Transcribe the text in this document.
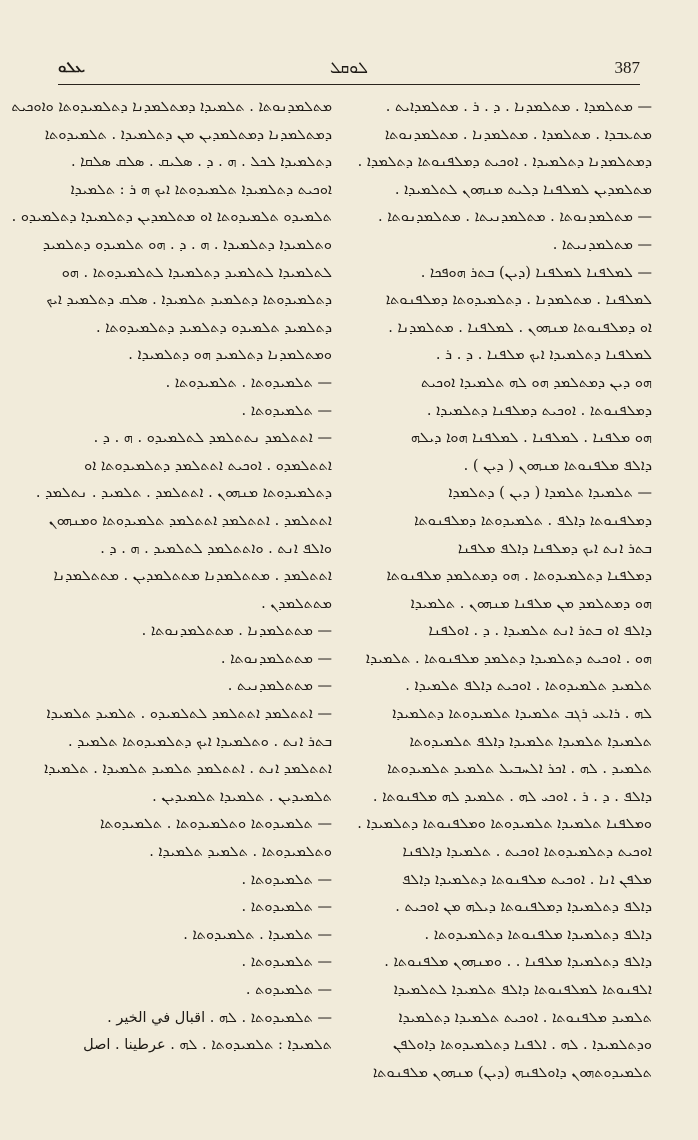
ܥܠܘ	ܠܘܩܠ	387
— ܡܬܠܡܕܐ . ܡܬܠܡܕܢܐ . ܕ . ܪ . ܡܬܠܡܕܐܝܬ .
ܡܬܥܒܕܐ . ܡܬܠܡܕܐ . ܡܬܠܡܕܢܐ . ܡܬܠܡܕܢܘܬܐ
ܕܡܬܠܡܕܢܐ ܕܬܠܡܝܕܐ . ܐܘܟܝܬ ܕܡܠܦܢܘܬܐ ܕܬܠܡܕܐ .
ܡܬܠܡܕܝܢ ܠܡܠܦܢܐ ܕܠܝܬ ܡܢܗܘܢ ܠܬܠܡܝܕܐ .
— ܡܬܠܡܕܢܘܬܐ . ܡܬܠܡܕܢܝܬܐ . ܡܬܠܡܕܢܘܬܐ .
— ܡܬܠܡܕܢܝܬܐ .
— ܠܡܠܦܢܐ ܠܡܠܦܢܐ (ܕܝܢ) ܒܬܪ ܗܘܦܟܐ .
ܠܡܠܦܢܐ . ܡܬܠܡܕܢܐ . ܕܬܠܡܝܕܘܬܐ ܕܡܠܦܢܘܬܐ
ܐܘ ܕܡܠܦܢܘܬܐ ܡܢܗܘܢ . ܠܡܠܦܢܐ . ܡܬܠܡܕܢܐ .
ܠܡܠܦܢܐ ܕܬܠܡܝܕܐ ܐܝܟ ܡܠܦܢܐ . ܕ . ܪ .
ܗܘ ܕܝܢ ܕܡܬܠܡܕ ܗܘ ܠܗ ܬܠܡܝܕܐ ܐܘܟܝܬ
ܕܡܠܦܢܘܬܐ . ܐܘܟܝܬ ܕܡܠܦܢܐ ܕܬܠܡܝܕܐ .
ܗܘ ܡܠܦܢܐ . ܠܡܠܦܢܐ . ܠܡܠܦܢܐ ܗܘܐ ܕܝܠܗ
ܕܐܠܦ ܡܠܦܢܘܬܐ ܡܢܗܘܢ ( ܕܝܢ ) .
— ܬܠܡܝܕܐ ܬܠܡܕܐ ( ܕܝܢ ) ܕܬܠܡܕܐ
ܕܡܠܦܢܘܬܐ ܕܐܠܦ . ܬܠܡܝܕܘܬܐ ܕܡܠܦܢܘܬܐ
ܒܬܪ ܐܢܬ ܐܝܟ ܕܡܠܦܢܐ ܕܐܠܦ ܡܠܦܢܐ
ܕܡܠܦܢܐ ܕܬܠܡܝܕܘܬܐ . ܗܘ ܕܡܬܠܡܕ ܡܠܦܢܘܬܐ
ܗܘ ܕܡܬܠܡܕ ܡܢ ܡܠܦܢܐ ܡܢܗܘܢ . ܬܠܡܝܕܐ
ܕܐܠܦ ܐܘ ܒܬܪ ܐܢܬ ܬܠܡܝܕܐ . ܕ . ܐܘܠܦܢܐ
ܗܘ . ܐܘܟܝܬ ܕܬܠܡܝܕܐ ܕܬܠܡܕ ܡܠܦܢܘܬܐ . ܬܠܡܝܕܐ
ܬܠܡܝܕ ܬܠܡܝܕܘܬܐ . ܐܘܟܝܬ ܕܐܠܦ ܬܠܡܝܕܐ .
ܠܗ . ܪܐܥܝ ܪܓܒ ܬܠܡܝܕܐ ܬܠܡܝܕܘܬܐ ܕܬܠܡܝܕܐ
ܬܠܡܝܕܐ ܬܠܡܝܕܐ ܬܠܡܝܕܐ ܕܐܠܦ ܬܠܡܝܕܘܬܐ
ܬܠܡܝܕ . ܠܗ . ܐܟܪ ܐܠܚܒܝܠ ܬܠܡܝܕ ܬܠܡܝܕܘܬܐ
ܕܐܠܦ . ܕ . ܪ . ܐܘܟܝ ܠܗ . ܬܠܡܝܕ ܠܗ ܡܠܦܢܘܬܐ .
ܘܡܠܦܢܐ ܬܠܡܝܕܐ ܬܠܡܝܕܘܬܐ ܘܡܠܦܢܘܬܐ ܕܬܠܡܝܕܐ .
ܐܘܟܝܬ ܕܬܠܡܝܕܘܬܐ ܐܘܟܝܬ . ܬܠܡܝܕܐ ܕܐܠܦܢܐ
ܡܠܦܢ ܐܢܐ . ܐܘܟܝܬ ܡܠܦܢܘܬܐ ܕܬܠܡܝܕܐ ܕܐܠܦ
ܕܐܠܦ ܕܬܠܡܝܕܐ ܕܡܠܦܢܘܬܐ ܕܝܠܗ ܡܢ ܐܘܟܝܬ .
ܕܐܠܦ ܕܬܠܡܝܕܐ ܡܠܦܢܘܬܐ ܕܬܠܡܝܕܘܬܐ .
ܕܐܠܦ ܕܬܠܡܝܕܐ ܡܠܦܢܐ . . ܘܡܢܗܘܢ ܡܠܦܢܘܬܐ .
ܐܠܦܢܘܬܐ ܠܡܠܦܢܘܬܐ ܕܐܠܦ ܬܠܡܝܕܐ ܠܬܠܡܝܕܐ
ܬܠܡܝܕ ܡܠܦܢܘܬܐ . ܐܘܟܝܬ ܬܠܡܝܕܐ ܕܬܠܡܝܕܐ
ܘܕܬܠܡܝܕܐ . ܠܗ . ܐܠܦܢܐ ܕܬܠܡܝܕܘܬܐ ܕܐܘܠܦܢ
ܬܠܡܝܕܘܬܗܘܢ ܕܐܘܠܦܢܗ (ܕܝܢ) ܡܢܗܘܢ ܡܠܦܢܘܬܐ
ܡܬܠܡܕܢܘܬܐ . ܬܠܡܝܕܐ ܕܡܬܠܡܕܢܐ ܕܬܠܡܝܕܘܬܐ ܘܐܘܟܝܬ
ܕܡܬܠܡܕܢܐ ܕܡܬܠܡܕܝܢ ܡܢ ܕܬܠܡܝܕܐ . ܬܠܡܝܕܘܬܐ
ܕܬܠܡܝܕܐ ܠܟܠ . ܗ . ܕ . ܣܠܝܩ . ܣܠܩ ܣܠܩܐ .
ܐܘܟܝܬ ܕܬܠܡܝܕܐ ܬܠܡܝܕܘܬܐ ܐܝܟ ܗ ܪ : ܬܠܡܝܕܐ
ܬܠܡܝܕܘ ܬܠܡܝܕܘܬܐ ܐܘ ܡܬܠܡܕܝܢ ܕܬܠܡܝܕܐ ܕܬܠܡܝܕܘ .
ܘܬܠܡܝܕܐ ܕܬܠܡܝܕܐ . ܗ . ܕ . ܗܘ ܬܠܡܝܕܘ ܕܬܠܡܝܕ
ܠܬܠܡܝܕܐ ܠܬܠܡܝܕ ܕܬܠܡܝܕܐ ܠܬܠܡܝܕܘܬܐ . ܗܘ
ܕܬܠܡܝܕܘܬܐ ܕܬܠܡܝܕ ܬܠܡܝܕܐ . ܣܠܩ ܕܬܠܡܝܕ ܐܝܟ
ܕܬܠܡܝܕ ܬܠܡܝܕܘ ܕܬܠܡܝܕ ܕܬܠܡܝܕܘܬܐ .
ܘܡܬܠܡܕܢܐ ܕܬܠܡܝܕ ܗܘ ܕܬܠܡܝܕܐ .
— ܬܠܡܝܕܘܬܐ . ܬܠܡܝܕܘܬܐ .
— ܬܠܡܝܕܘܬܐ .
— ܐܬܬܠܡܕ ܢܬܬܠܡܕ ܠܬܠܡܝܕܘ . ܗ . ܕ .
ܐܬܬܠܡܕܘ . ܐܘܟܝܬ ܐܬܬܠܡܕ ܕܬܠܡܝܕܘܬܐ ܐܘ
ܕܬܠܡܝܕܘܬܐ ܡܢܗܘܢ . ܐܬܬܠܡܕ . ܬܠܡܝܕ . ܢܬܠܡܕ .
ܐܬܬܠܡܕ . ܐܬܬܠܡܕ ܐܬܬܠܡܕ ܬܠܡܝܕܘܬܐ ܘܡܢܗܘܢ
ܘܐܠܦ ܐܢܬ . ܘܐܬܬܠܡܕ ܠܬܠܡܝܕ . ܗ . ܕ .
ܐܬܬܠܡܕ . ܡܬܬܠܡܕܢܐ ܡܬܬܠܡܕܝܢ . ܡܬܬܠܡܕܢܐ
ܡܬܬܠܡܕܢ .
— ܡܬܬܠܡܕܢܐ . ܡܬܬܠܡܕܢܘܬܐ .
— ܡܬܬܠܡܕܢܘܬܐ .
— ܡܬܬܠܡܕܢܝܬ .
— ܐܬܬܠܡܕ ܐܬܬܠܡܕ ܠܬܠܡܝܕܘ . ܬܠܡܝܕ ܬܠܡܝܕܐ
ܒܬܪ ܐܢܬ . ܘܬܠܡܝܕܐ ܐܝܟ ܕܬܠܡܝܕܘܬܐ ܬܠܡܝܕ .
ܐܬܬܠܡܕ ܐܢܬ . ܐܬܬܠܡܕ ܬܠܡܝܕ ܬܠܡܝܕܐ . ܬܠܡܝܕܐ
ܬܠܡܝܕܝܢ . ܬܠܡܝܕܐ ܬܠܡܝܕܝܢ .
— ܬܠܡܝܕܘܬܐ ܘܬܠܡܝܕܘܬܐ . ܬܠܡܝܕܘܬܐ
ܘܬܠܡܝܕܘܬܐ . ܬܠܡܝܕ ܬܠܡܝܕܐ .
— ܬܠܡܝܕܘܬܐ .
— ܬܠܡܝܕܘܬܐ .
— ܬܠܡܝܕܐ . ܬܠܡܝܕܘܬܐ .
— ܬܠܡܝܕܘܬܐ .
— ܬܠܡܝܕܘܬ .
— ܬܠܡܝܕܘܬܐ . ܠܗ . اقبال في الخير .
ܬܠܡܝܕܐ : ܬܠܡܝܕܘܬܐ . ܠܗ . عرطينا . اصل
